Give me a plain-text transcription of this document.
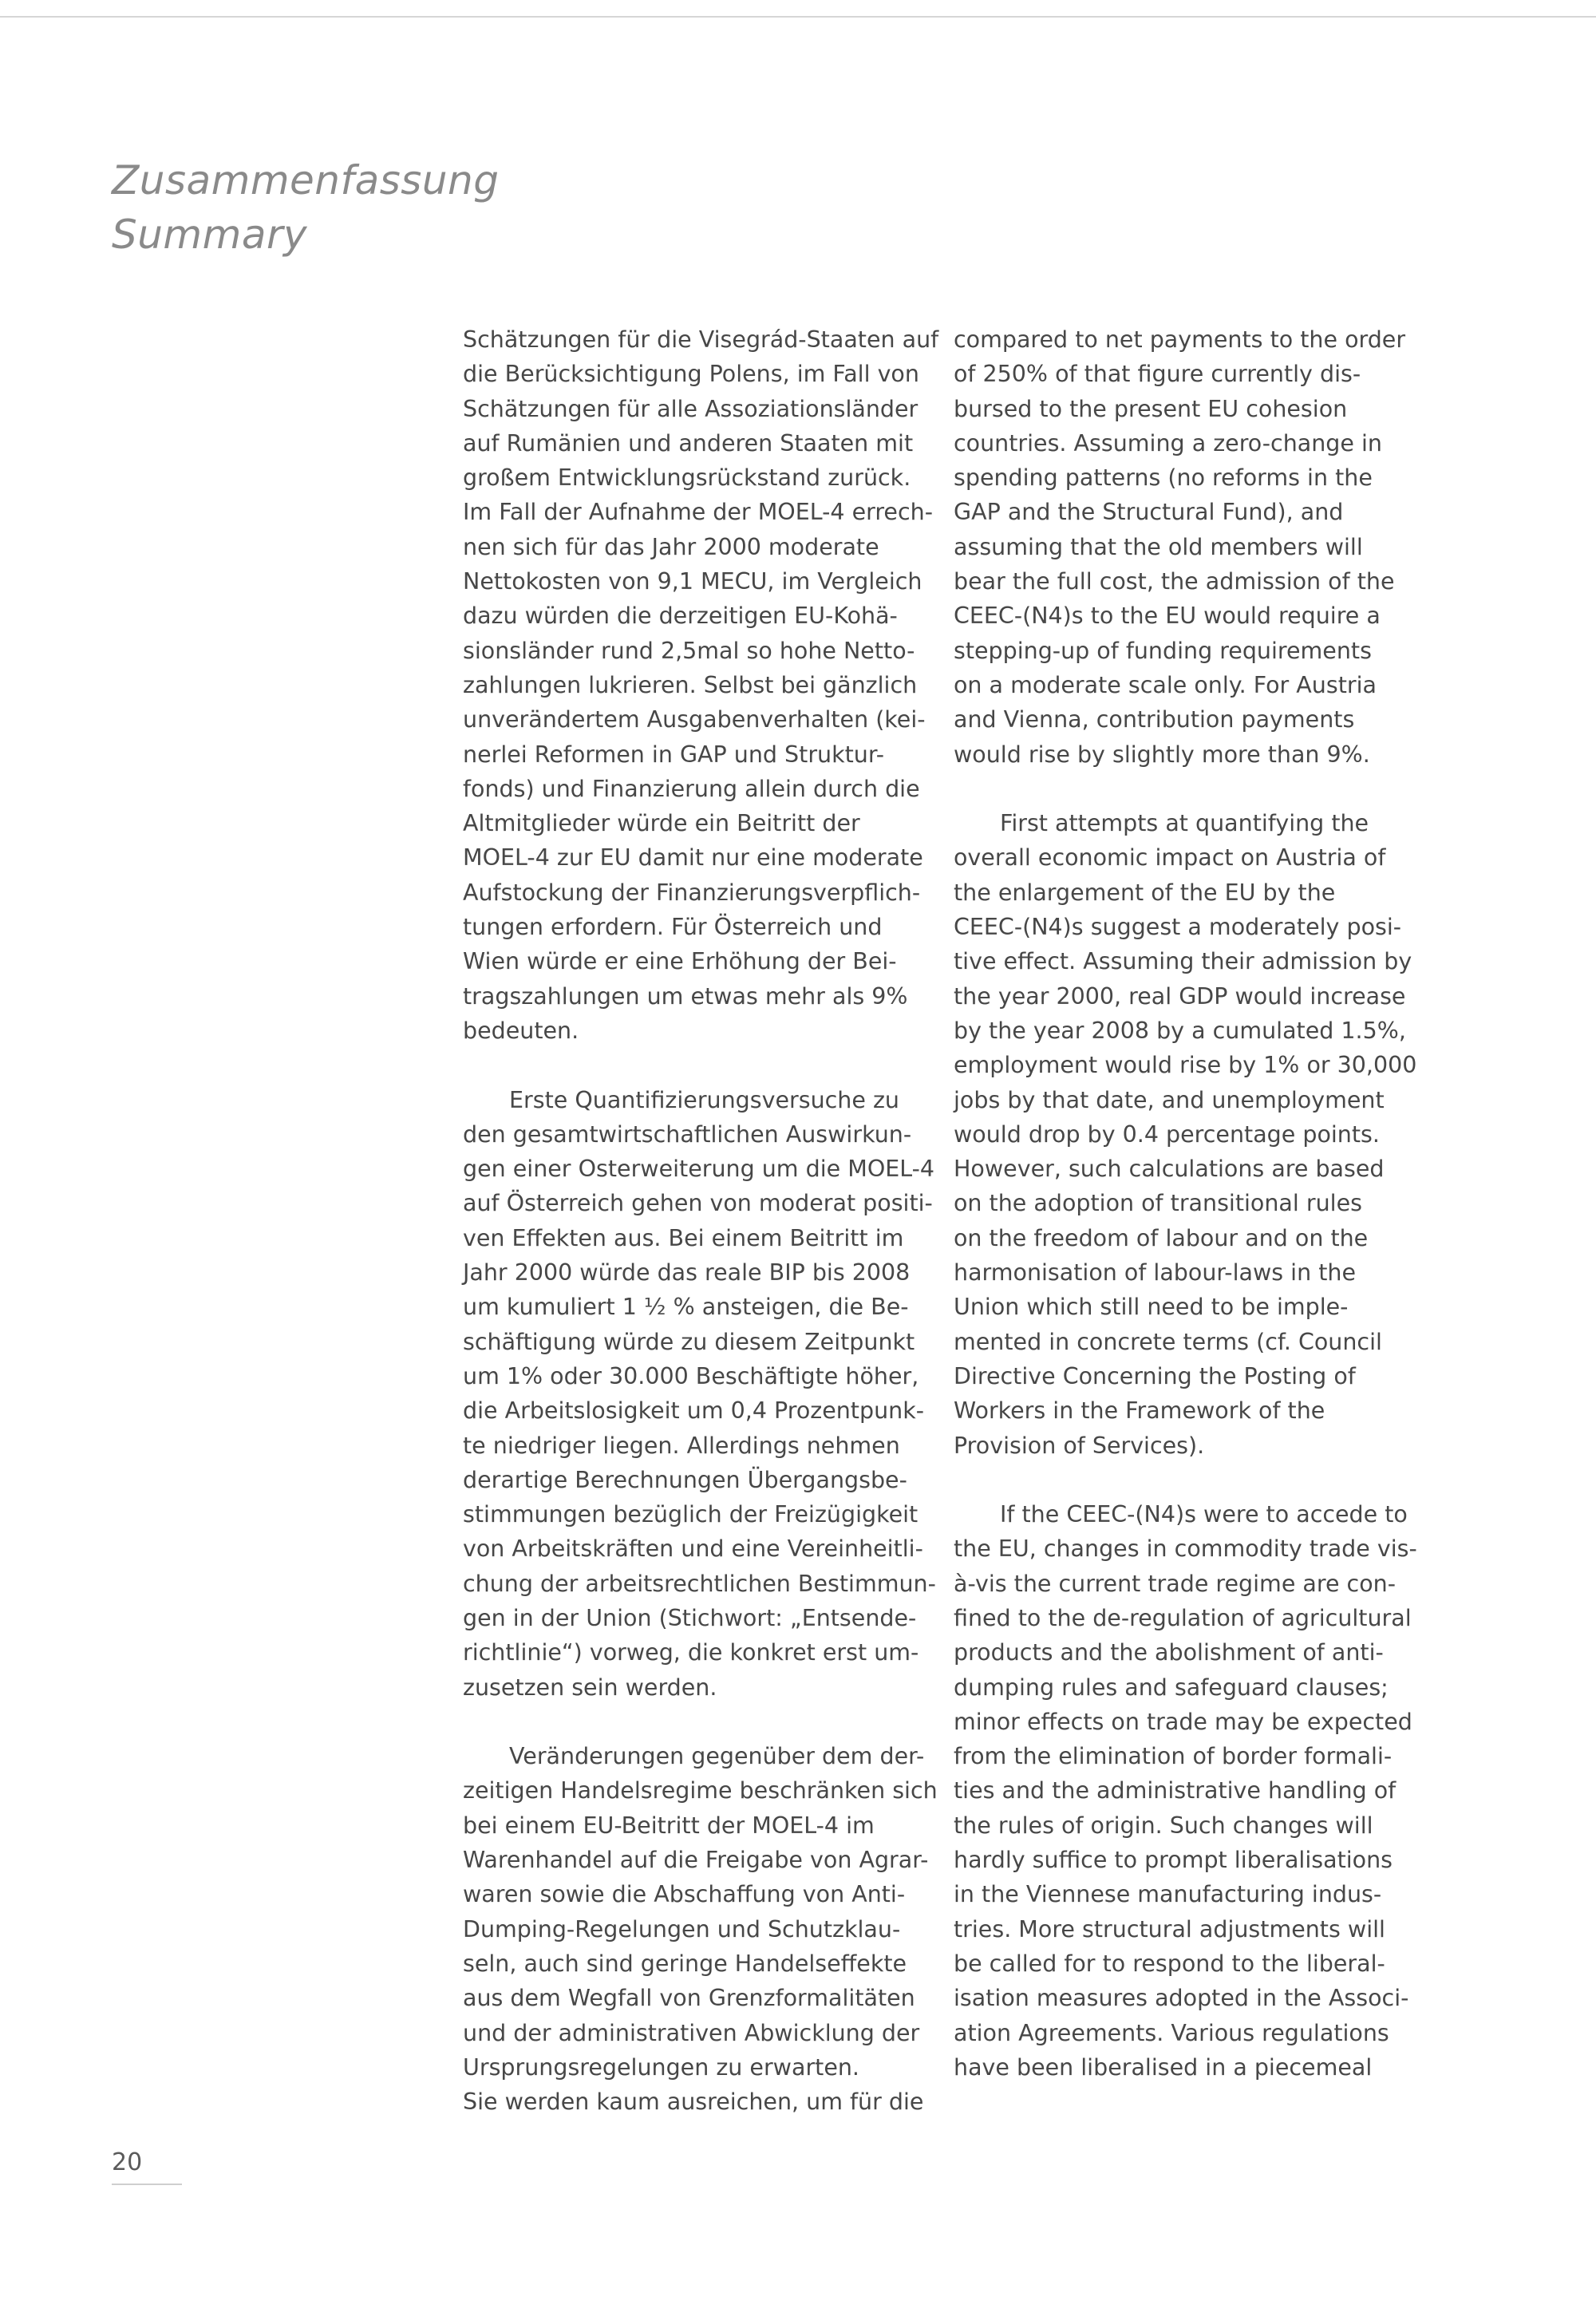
Zusammenfassung
Summary
Schätzungen für die Visegrád-Staaten auf
die Berücksichtigung Polens, im Fall von
Schätzungen für alle Assoziationsländer
auf Rumänien und anderen Staaten mit
großem Entwicklungsrückstand zurück.
Im Fall der Aufnahme der MOEL-4 errech-
nen sich für das Jahr 2000 moderate
Nettokosten von 9,1 MECU, im Vergleich
dazu würden die derzeitigen EU-Kohä-
sionsländer rund 2,5mal so hohe Netto-
zahlungen lukrieren. Selbst bei gänzlich
unverändertem Ausgabenverhalten (kei-
nerlei Reformen in GAP und Struktur-
fonds) und Finanzierung allein durch die
Altmitglieder würde ein Beitritt der
MOEL-4 zur EU damit nur eine moderate
Aufstockung der Finanzierungsverpflich-
tungen erfordern. Für Österreich und
Wien würde er eine Erhöhung der Bei-
tragszahlungen um etwas mehr als 9%
bedeuten.
Erste Quantifizierungsversuche zu
den gesamtwirtschaftlichen Auswirkun-
gen einer Osterweiterung um die MOEL-4
auf Österreich gehen von moderat positi-
ven Effekten aus. Bei einem Beitritt im
Jahr 2000 würde das reale BIP bis 2008
um kumuliert 1 ½ % ansteigen, die Be-
schäftigung würde zu diesem Zeitpunkt
um 1% oder 30.000 Beschäftigte höher,
die Arbeitslosigkeit um 0,4 Prozentpunk-
te niedriger liegen. Allerdings nehmen
derartige Berechnungen Übergangsbe-
stimmungen bezüglich der Freizügigkeit
von Arbeitskräften und eine Vereinheitli-
chung der arbeitsrechtlichen Bestimmun-
gen in der Union (Stichwort: „Entsende-
richtlinie“) vorweg, die konkret erst um-
zusetzen sein werden.
Veränderungen gegenüber dem der-
zeitigen Handelsregime beschränken sich
bei einem EU-Beitritt der MOEL-4 im
Warenhandel auf die Freigabe von Agrar-
waren sowie die Abschaffung von Anti-
Dumping-Regelungen und Schutzklau-
seln, auch sind geringe Handelseffekte
aus dem Wegfall von Grenzformalitäten
und der administrativen Abwicklung der
Ursprungsregelungen zu erwarten.
Sie werden kaum ausreichen, um für die
compared to net payments to the order
of 250% of that figure currently dis-
bursed to the present EU cohesion
countries. Assuming a zero-change in
spending patterns (no reforms in the
GAP and the Structural Fund), and
assuming that the old members will
bear the full cost, the admission of the
CEEC-(N4)s to the EU would require a
stepping-up of funding requirements
on a moderate scale only. For Austria
and Vienna, contribution payments
would rise by slightly more than 9%.
First attempts at quantifying the
overall economic impact on Austria of
the enlargement of the EU by the
CEEC-(N4)s suggest a moderately posi-
tive effect. Assuming their admission by
the year 2000, real GDP would increase
by the year 2008 by a cumulated 1.5%,
employment would rise by 1% or 30,000
jobs by that date, and unemployment
would drop by 0.4 percentage points.
However, such calculations are based
on the adoption of transitional rules
on the freedom of labour and on the
harmonisation of labour-laws in the
Union which still need to be imple-
mented in concrete terms (cf. Council
Directive Concerning the Posting of
Workers in the Framework of the
Provision of Services).
If the CEEC-(N4)s were to accede to
the EU, changes in commodity trade vis-
à-vis the current trade regime are con-
fined to the de-regulation of agricultural
products and the abolishment of anti-
dumping rules and safeguard clauses;
minor effects on trade may be expected
from the elimination of border formali-
ties and the administrative handling of
the rules of origin. Such changes will
hardly suffice to prompt liberalisations
in the Viennese manufacturing indus-
tries. More structural adjustments will
be called for to respond to the liberal-
isation measures adopted in the Associ-
ation Agreements. Various regulations
have been liberalised in a piecemeal
20
